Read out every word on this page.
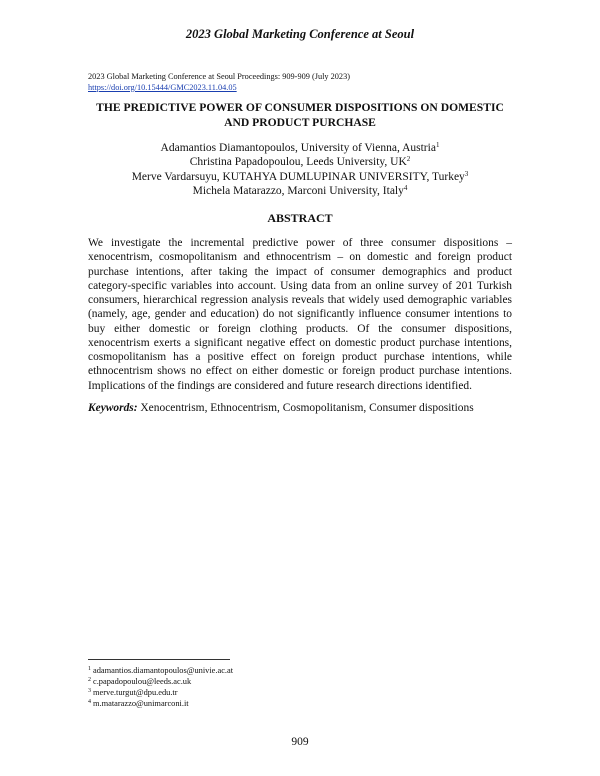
2023 Global Marketing Conference at Seoul
2023 Global Marketing Conference at Seoul Proceedings: 909-909 (July 2023)
https://doi.org/10.15444/GMC2023.11.04.05
THE PREDICTIVE POWER OF CONSUMER DISPOSITIONS ON DOMESTIC AND PRODUCT PURCHASE
Adamantios Diamantopoulos, University of Vienna, Austria$^1$
Christina Papadopoulou, Leeds University, $UK^2$
Merve Vardarsuyu, KUTAHYA DUMLUPINAR UNIVERSITY, Turkey$^3$
Michela Matarazzo, Marconi University, Italy$^4$
ABSTRACT
We investigate the incremental predictive power of three consumer dispositions – xenocentrism, cosmopolitanism and ethnocentrism – on domestic and foreign product purchase intentions, after taking the impact of consumer demographics and product category-specific variables into account. Using data from an online survey of 201 Turkish consumers, hierarchical regression analysis reveals that widely used demographic variables (namely, age, gender and education) do not significantly influence consumer intentions to buy either domestic or foreign clothing products. Of the consumer dispositions, xenocentrism exerts a significant negative effect on domestic product purchase intentions, cosmopolitanism has a positive effect on foreign product purchase intentions, while ethnocentrism shows no effect on either domestic or foreign product purchase intentions. Implications of the findings are considered and future research directions identified.
Keywords: Xenocentrism, Ethnocentrism, Cosmopolitanism, Consumer dispositions
$^1$ adamantios.diamantopoulos@univie.ac.at
$^2$ c.papadopoulou@leeds.ac.uk
$^3$ merve.turgut@dpu.edu.tr
$^4$ m.matarazzo@unimarconi.it
909
